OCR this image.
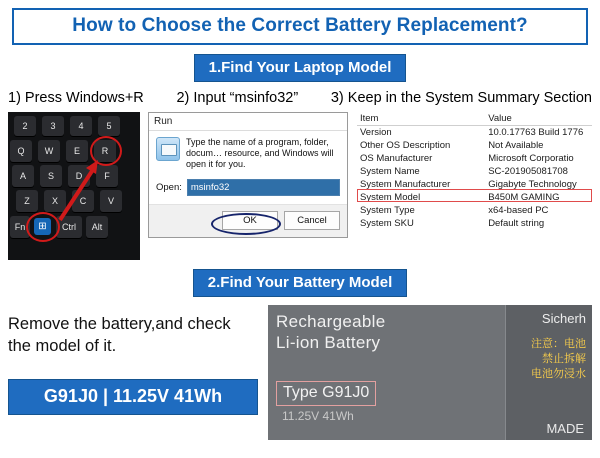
How to Choose the Correct Battery Replacement?
1.Find Your Laptop Model
1) Press Windows+R 2) Input “msinfo32” 3) Keep in the System Summary Section
2	3	4	5
Q	W	E	R
A	S	D	F
Z	X	C	V
Fn	Ctrl	Alt
⊞
Run
Type the name of a program, folder, docum… resource, and Windows will open it for you.
Open:
msinfo32
OK	Cancel
Item	Value
Version	10.0.17763 Build 1776
Other OS Description	Not Available
OS Manufacturer	Microsoft Corporatio
System Name	SC-201905081708
System Manufacturer	Gigabyte Technology
System Model	B450M GAMING
System Type	x64-based PC
System SKU	Default string
2.Find Your Battery Model
Remove the battery,and check the model of it.
G91J0 | 11.25V 41Wh
Rechargeable
Li-ion Battery
Type G91J0
11.25V 41Wh
Sicherh
注意：电池
禁止拆解
电池勿浸水
MADE
